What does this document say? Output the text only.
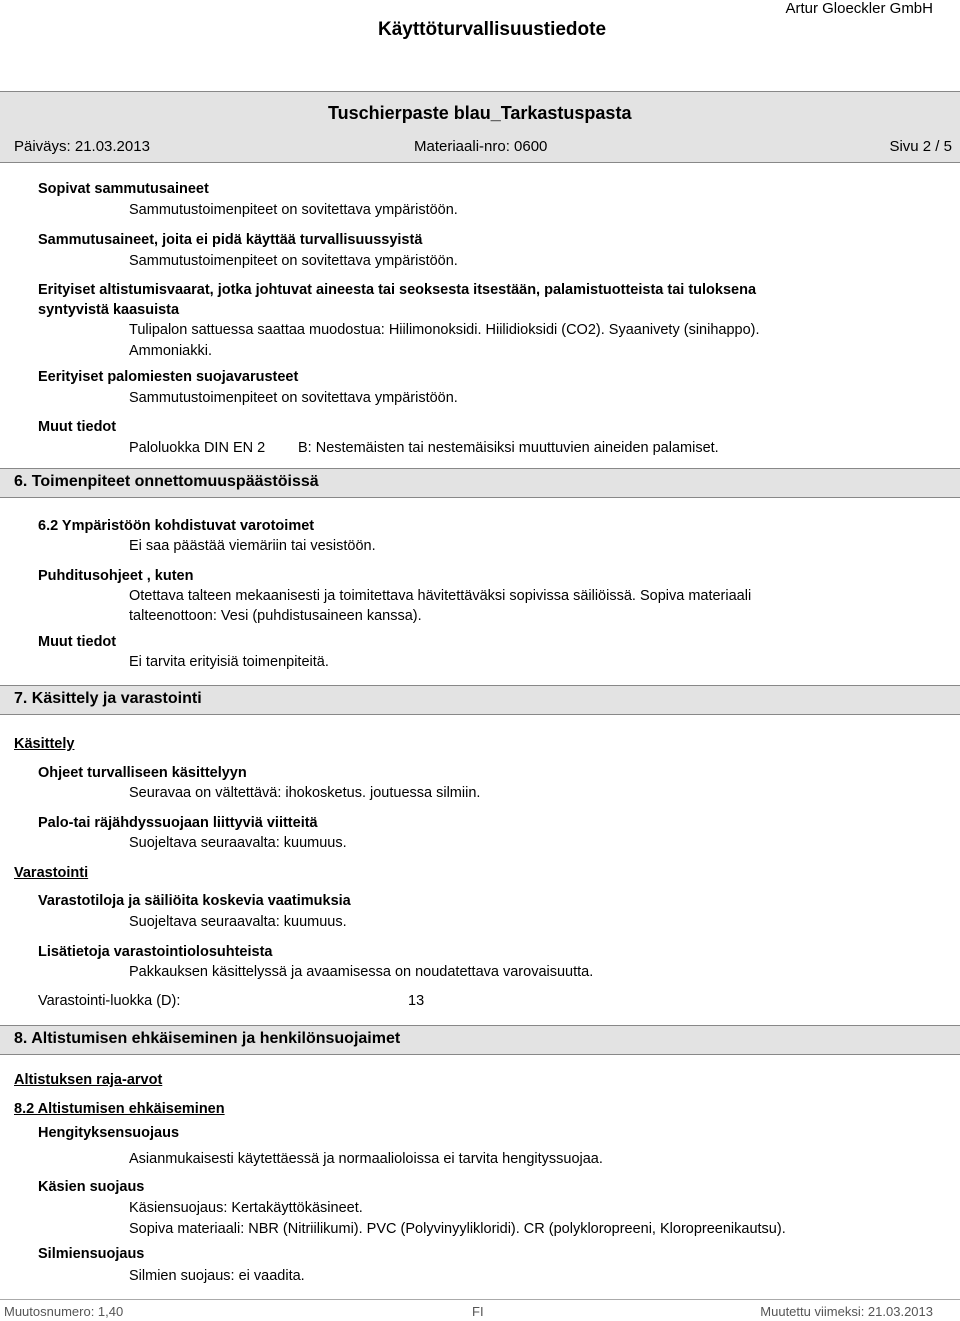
Käyttöturvallisuustiedote
Artur Gloeckler GmbH
Tuschierpaste blau_Tarkastuspasta
Päiväys: 21.03.2013	Materiaali-nro: 0600	Sivu 2 / 5
Sopivat sammutusaineet
Sammutustoimenpiteet on sovitettava ympäristöön.
Sammutusaineet, joita ei pidä käyttää turvallisuussyistä
Sammutustoimenpiteet on sovitettava ympäristöön.
Erityiset altistumisvaarat, jotka johtuvat aineesta tai seoksesta itsestään, palamistuotteista tai tuloksena
syntyvistä kaasuista
Tulipalon sattuessa saattaa muodostua: Hiilimonoksidi. Hiilidioksidi (CO2). Syaanivety (sinihappo).
Ammoniakki.
Eerityiset palomiesten suojavarusteet
Sammutustoimenpiteet on sovitettava ympäristöön.
Muut tiedot
Paloluokka DIN EN 2 B: Nestemäisten tai nestemäisiksi muuttuvien aineiden palamiset.
6. Toimenpiteet onnettomuuspäästöissä
6.2 Ympäristöön kohdistuvat varotoimet
Ei saa päästää viemäriin tai vesistöön.
Puhditusohjeet , kuten
Otettava talteen mekaanisesti ja toimitettava hävitettäväksi sopivissa säiliöissä. Sopiva materiaali
talteenottoon: Vesi (puhdistusaineen kanssa).
Muut tiedot
Ei tarvita erityisiä toimenpiteitä.
7. Käsittely ja varastointi
Käsittely
Ohjeet turvalliseen käsittelyyn
Seuravaa on vältettävä: ihokosketus. joutuessa silmiin.
Palo-tai räjähdyssuojaan liittyviä viitteitä
Suojeltava seuraavalta: kuumuus.
Varastointi
Varastotiloja ja säiliöita koskevia vaatimuksia
Suojeltava seuraavalta: kuumuus.
Lisätietoja varastointiolosuhteista
Pakkauksen käsittelyssä ja avaamisessa on noudatettava varovaisuutta.
Varastointi-luokka (D):	13
8. Altistumisen ehkäiseminen ja henkilönsuojaimet
Altistuksen raja-arvot
8.2 Altistumisen ehkäiseminen
Hengityksensuojaus
Asianmukaisesti käytettäessä ja normaalioloissa ei tarvita hengityssuojaa.
Käsien suojaus
Käsiensuojaus: Kertakäyttökäsineet.
Sopiva materiaali: NBR (Nitriilikumi). PVC (Polyvinyylikloridi). CR (polykloropreeni, Kloropreenikautsu).
Silmiensuojaus
Silmien suojaus: ei vaadita.
Muutosnumero: 1,40	FI	Muutettu viimeksi: 21.03.2013
